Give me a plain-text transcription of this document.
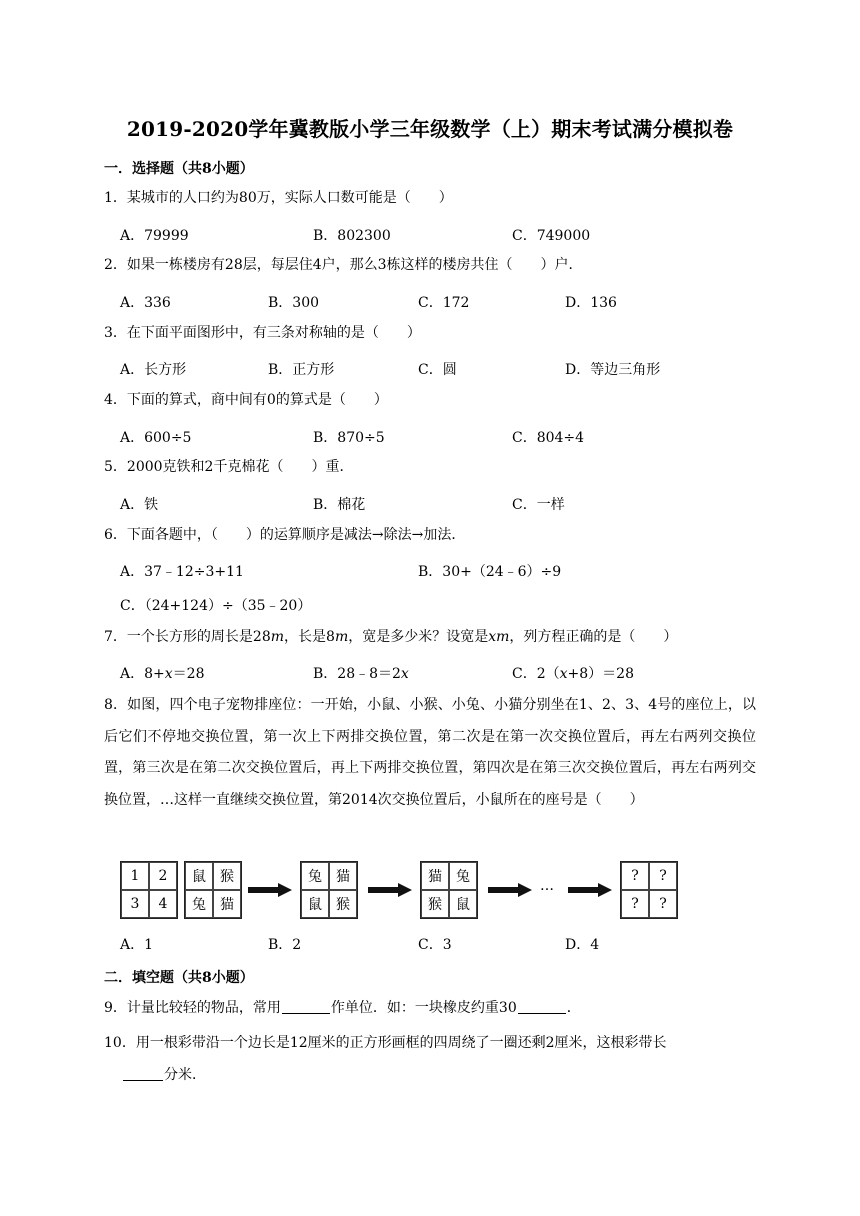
2019-2020学年冀教版小学三年级数学（上）期末考试满分模拟卷
一．选择题（共8小题）
1．某城市的人口约为80万，实际人口数可能是（　　）
A．79999	B．802300	C．749000
2．如果一栋楼房有28层，每层住4户，那么3栋这样的楼房共住（　　）户．
A．336	B．300	C．172	D．136
3．在下面平面图形中，有三条对称轴的是（　　）
A．长方形	B．正方形	C．圆	D．等边三角形
4．下面的算式，商中间有0的算式是（　　）
A．600÷5	B．870÷5	C．804÷4
5．2000克铁和2千克棉花（　　）重．
A．铁	B．棉花	C．一样
6．下面各题中，（　　）的运算顺序是减法→除法→加法．
A．37﹣12÷3+11	B．30+（24﹣6）÷9
C．（24+124）÷（35﹣20）
7．一个长方形的周长是28m，长是8m，宽是多少米？设宽是xm，列方程正确的是（　　）
A．8+x＝28	B．28﹣8＝2x	C．2（x+8）＝28
8．如图，四个电子宠物排座位：一开始，小鼠、小猴、小兔、小猫分别坐在1、2、3、4号的座位上，以后它们不停地交换位置，第一次上下两排交换位置，第二次是在第一次交换位置后，再左右两列交换位置，第三次是在第二次交换位置后，再上下两排交换位置，第四次是在第三次交换位置后，再左右两列交换位置，…这样一直继续交换位置，第2014次交换位置后，小鼠所在的座号是（　　）
1	2
3	4
鼠	猴
兔	猫
兔	猫
鼠	猴
猫	兔
猴	鼠
…
?	?
?	?
A．1	B．2	C．3	D．4
二．填空题（共8小题）
9．计量比较轻的物品，常用	作单位．如：一块橡皮约重30	．
10．用一根彩带沿一个边长是12厘米的正方形画框的四周绕了一圈还剩2厘米，这根彩带长
分米．
